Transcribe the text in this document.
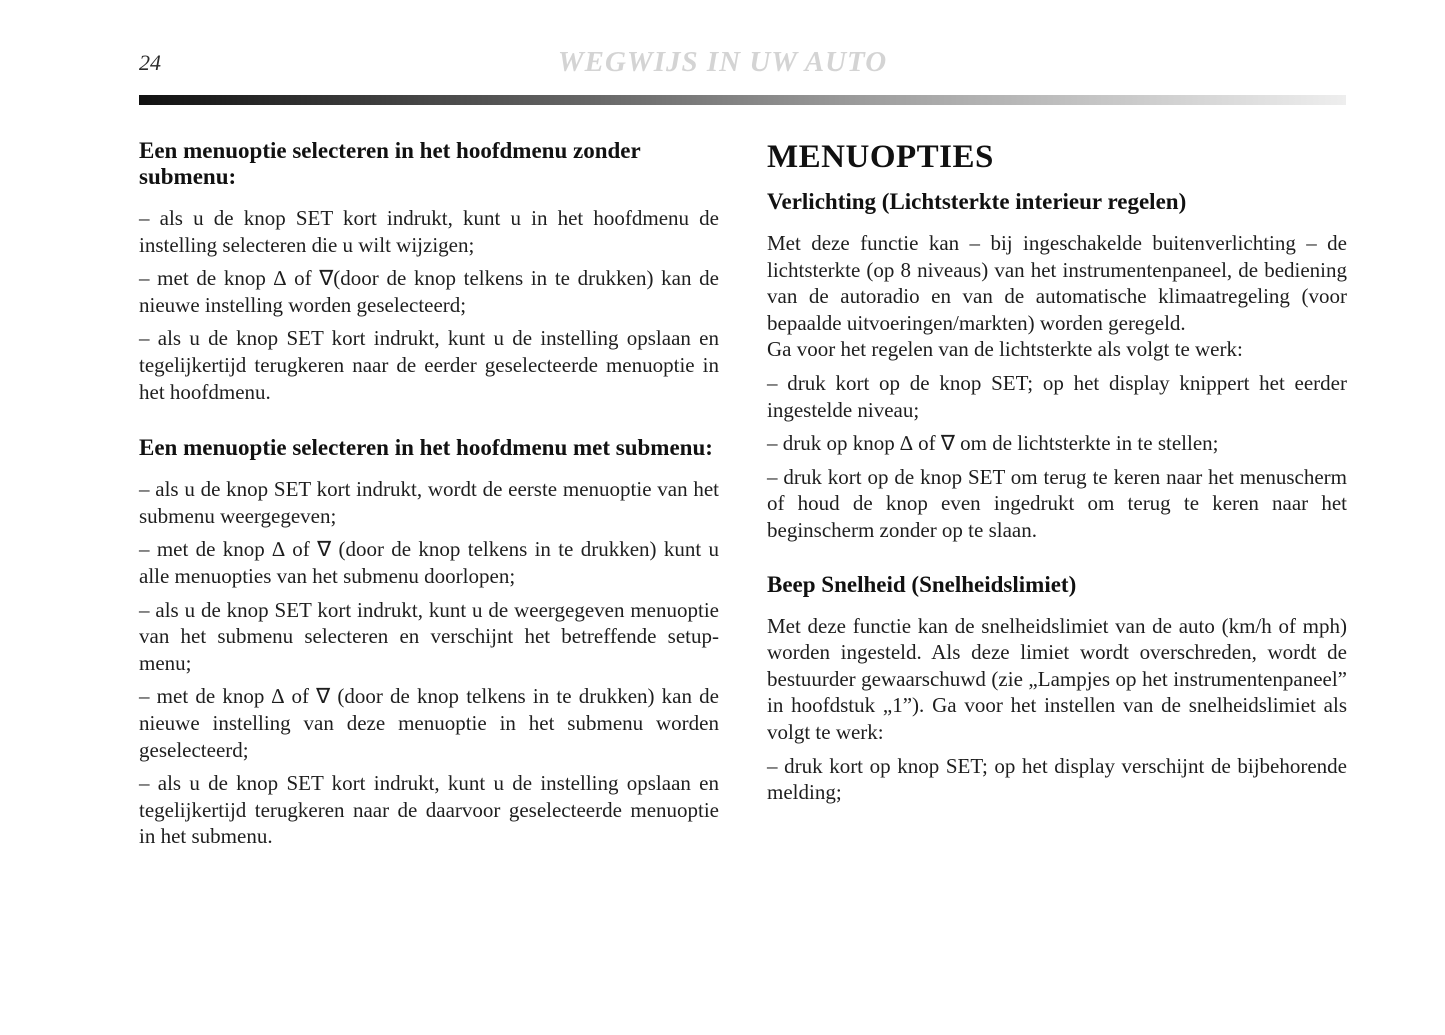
24	WEGWIJS IN UW AUTO
Een menuoptie selecteren in het hoofdmenu zonder submenu:

– als u de knop SET kort indrukt, kunt u in het hoofdmenu de instelling selecteren die u wilt wijzigen;

– met de knop ∆ of ∇(door de knop telkens in te drukken) kan de nieuwe instelling worden geselecteerd;

– als u de knop SET kort indrukt, kunt u de instelling opslaan en tegelijkertijd terugkeren naar de eerder geselecteerde menuoptie in het hoofdmenu.

Een menuoptie selecteren in het hoofdmenu met submenu:

– als u de knop SET kort indrukt, wordt de eerste menuoptie van het submenu weergegeven;

– met de knop ∆ of ∇ (door de knop telkens in te drukken) kunt u alle menuopties van het submenu doorlopen;

– als u de knop SET kort indrukt, kunt u de weergegeven menuoptie van het submenu selecteren en verschijnt het betreffende setup-menu;

– met de knop ∆ of ∇ (door de knop telkens in te drukken) kan de nieuwe instelling van deze menuoptie in het submenu worden geselecteerd;

– als u de knop SET kort indrukt, kunt u de instelling opslaan en tegelijkertijd terugkeren naar de daarvoor geselecteerde menuoptie in het submenu.

MENUOPTIES
Verlichting (Lichtsterkte interieur regelen)

Met deze functie kan – bij ingeschakelde buitenverlichting – de lichtsterkte (op 8 niveaus) van het instrumentenpaneel, de bediening van de autoradio en van de automatische klimaatregeling (voor bepaalde uitvoeringen/markten) worden geregeld.

Ga voor het regelen van de lichtsterkte als volgt te werk:

– druk kort op de knop SET; op het display knippert het eerder ingestelde niveau;

– druk op knop ∆ of ∇ om de lichtsterkte in te stellen;

– druk kort op de knop SET om terug te keren naar het menuscherm of houd de knop even ingedrukt om terug te keren naar het beginscherm zonder op te slaan.

Beep Snelheid (Snelheidslimiet)

Met deze functie kan de snelheidslimiet van de auto (km/h of mph) worden ingesteld. Als deze limiet wordt overschreden, wordt de bestuurder gewaarschuwd (zie „Lampjes op het instrumentenpaneel” in hoofdstuk „1”). Ga voor het instellen van de snelheidslimiet als volgt te werk:

– druk kort op knop SET; op het display verschijnt de bijbehorende melding;
